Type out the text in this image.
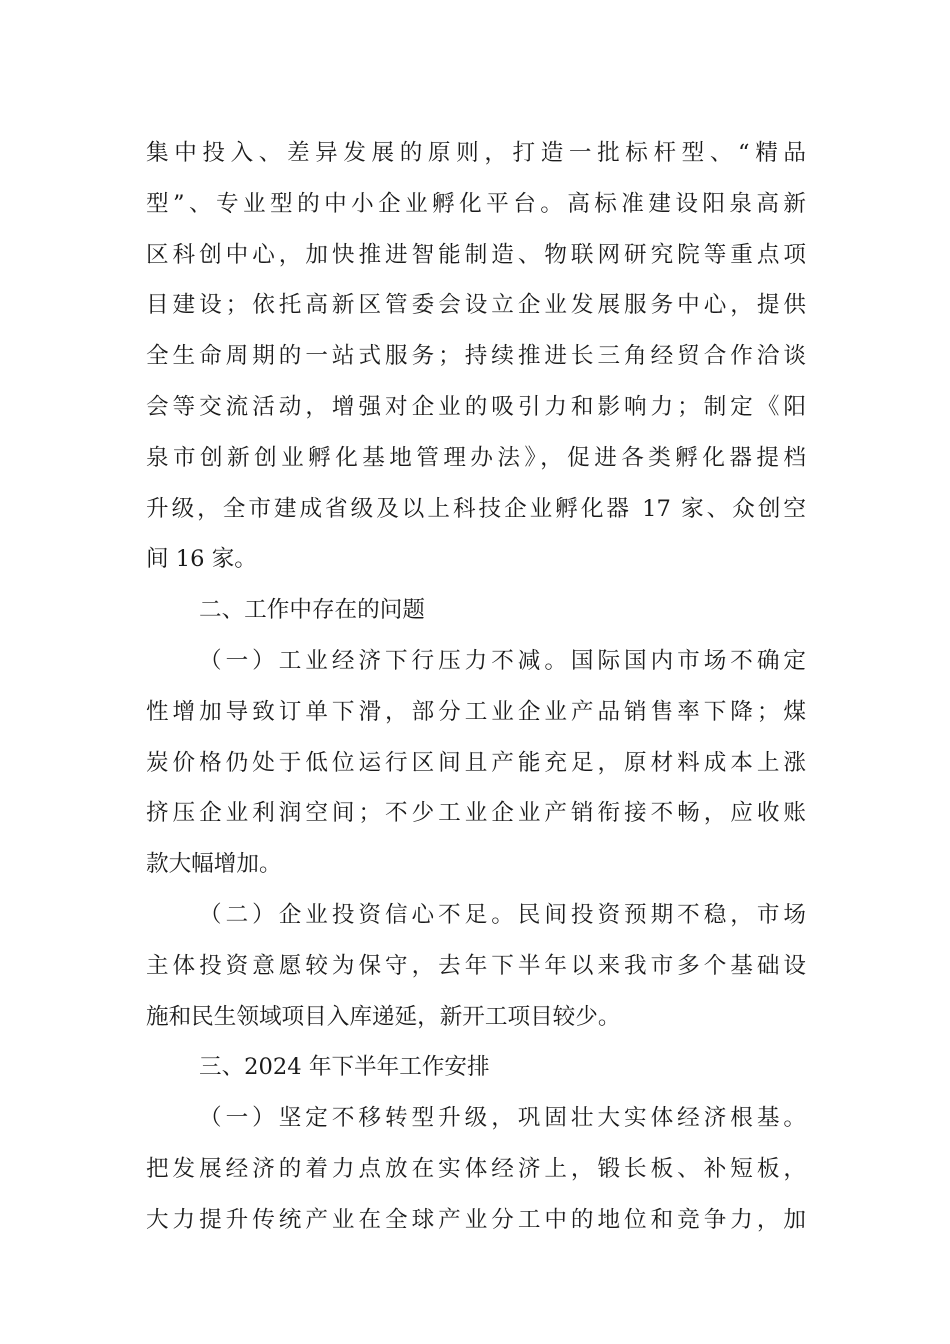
集中投入、差异发展的原则，打造一批标杆型、“精品
型”、专业型的中小企业孵化平台。高标准建设阳泉高新
区科创中心，加快推进智能制造、物联网研究院等重点项
目建设；依托高新区管委会设立企业发展服务中心，提供
全生命周期的一站式服务；持续推进长三角经贸合作洽谈
会等交流活动，增强对企业的吸引力和影响力；制定《阳
泉市创新创业孵化基地管理办法》，促进各类孵化器提档
升级，全市建成省级及以上科技企业孵化器 17 家、众创空
间 16 家。
二、工作中存在的问题
（一）工业经济下行压力不减。国际国内市场不确定
性增加导致订单下滑，部分工业企业产品销售率下降；煤
炭价格仍处于低位运行区间且产能充足，原材料成本上涨
挤压企业利润空间；不少工业企业产销衔接不畅，应收账
款大幅增加。
（二）企业投资信心不足。民间投资预期不稳，市场
主体投资意愿较为保守，去年下半年以来我市多个基础设
施和民生领域项目入库递延，新开工项目较少。
三、2024 年下半年工作安排
（一）坚定不移转型升级，巩固壮大实体经济根基。
把发展经济的着力点放在实体经济上，锻长板、补短板，
大力提升传统产业在全球产业分工中的地位和竞争力，加
